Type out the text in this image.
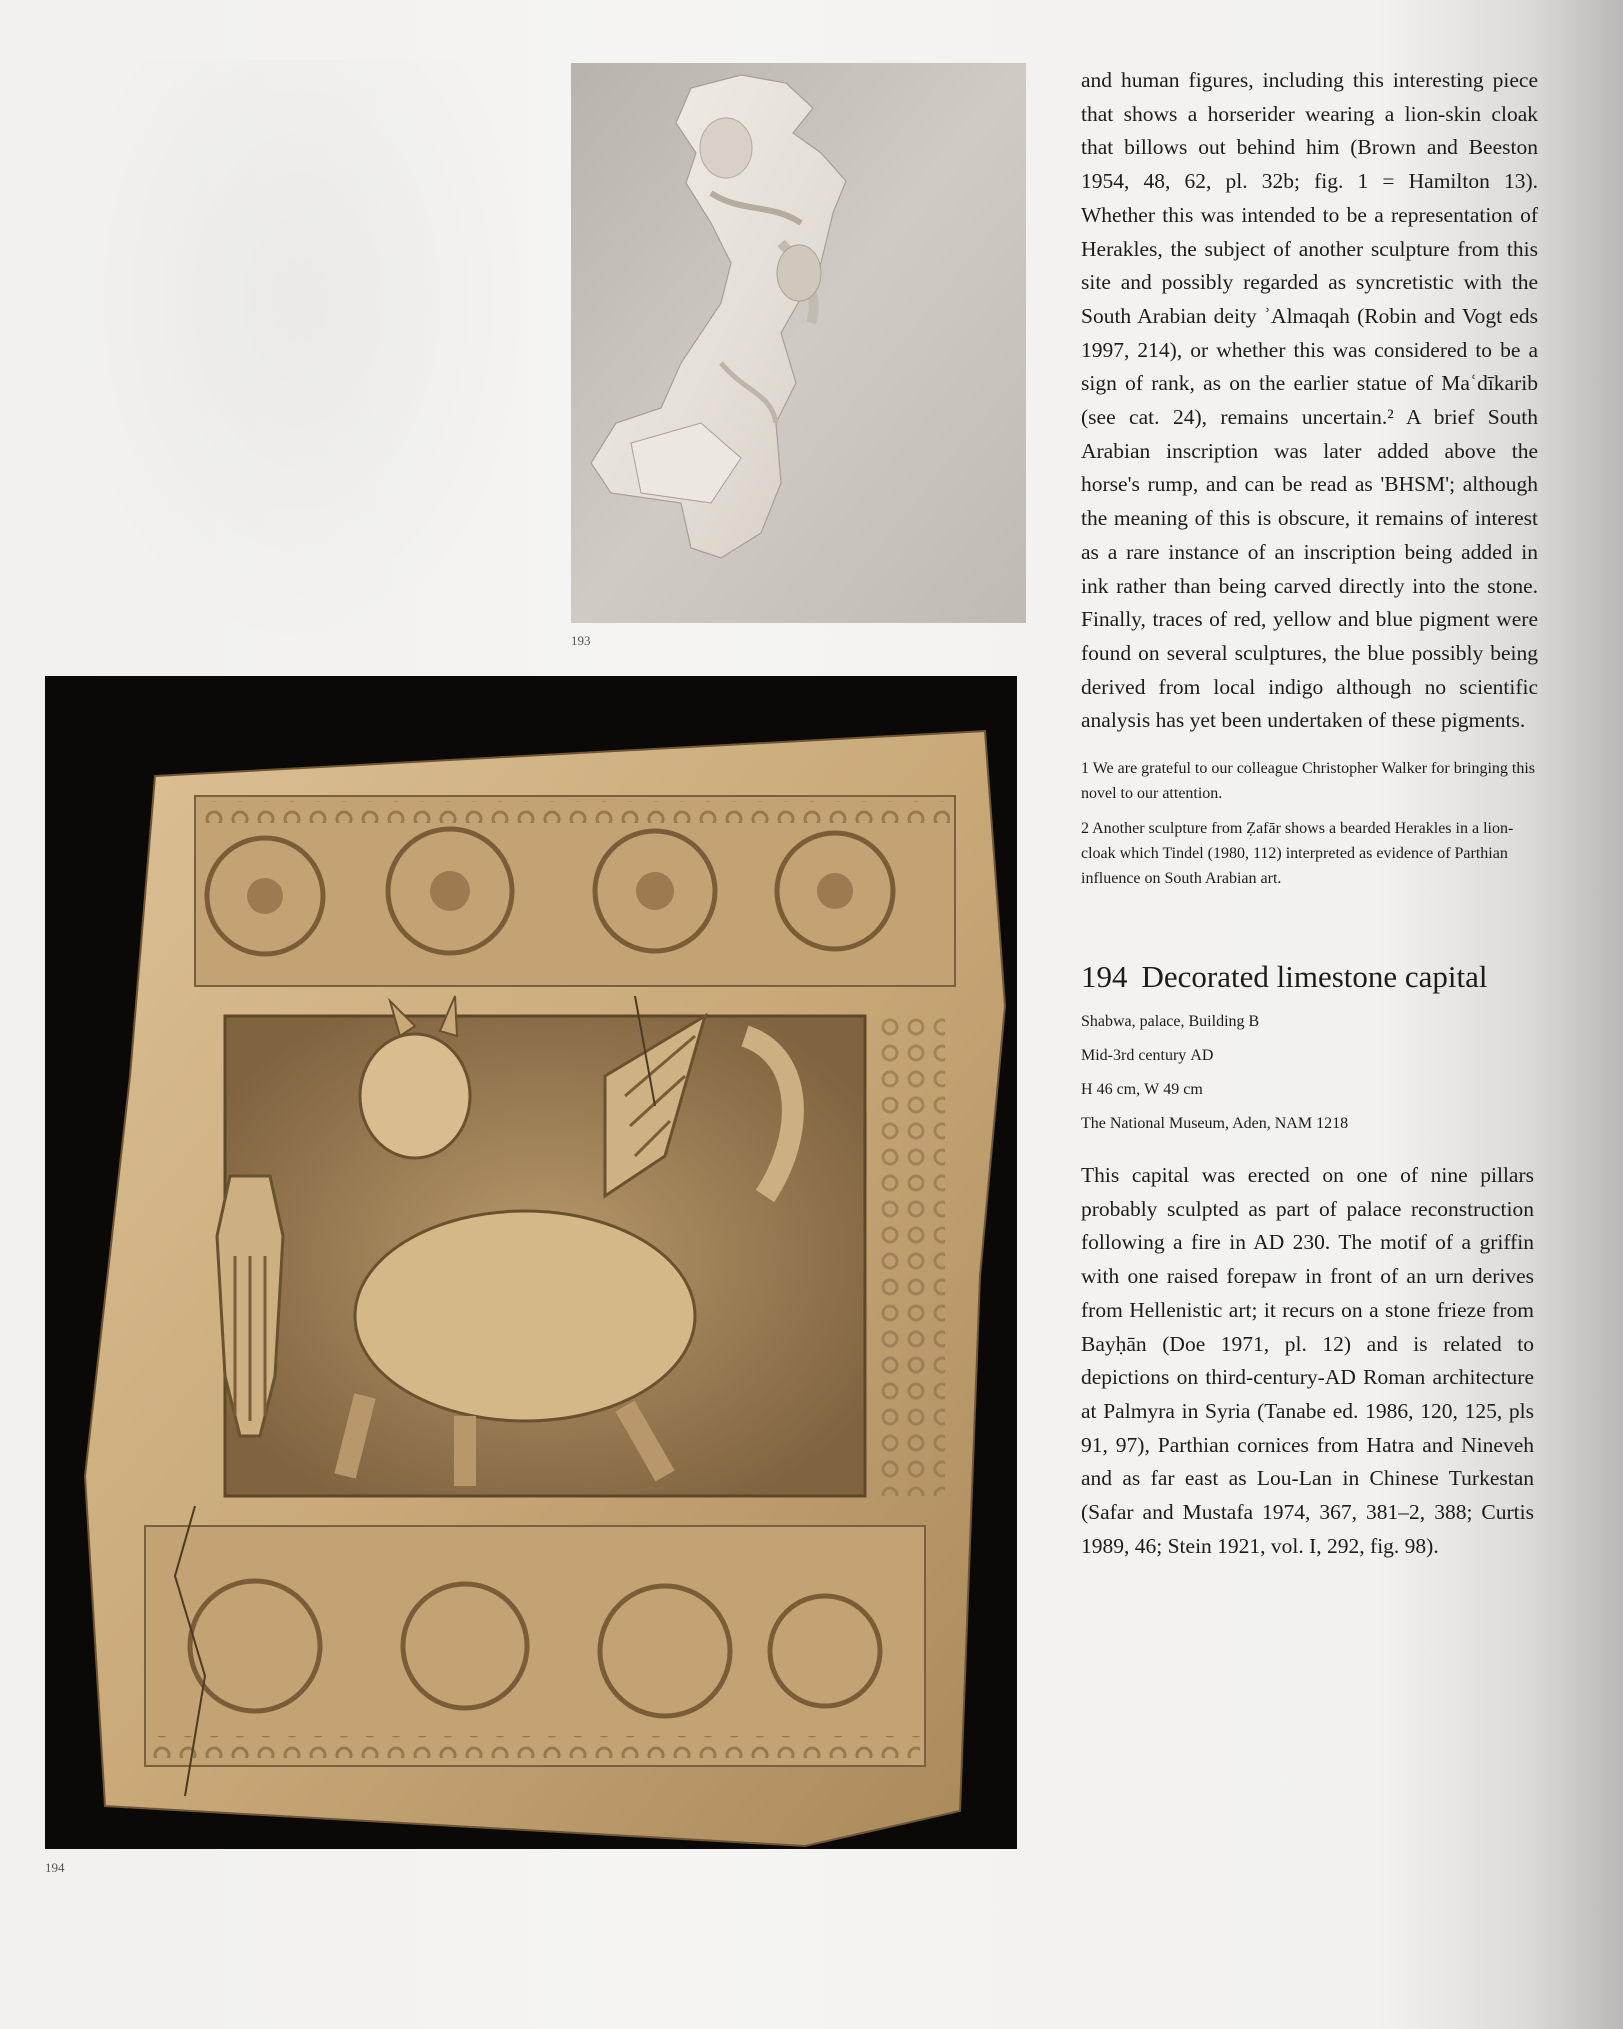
193
194

and human figures, including this interesting piece that shows a horserider wearing a lion-skin cloak that billows out behind him (Brown and Beeston 1954, 48, 62, pl. 32b; fig. 1 = Hamilton 13). Whether this was intended to be a representation of Herakles, the subject of another sculpture from this site and possibly regarded as syncretistic with the South Arabian deity ʾAlmaqah (Robin and Vogt eds 1997, 214), or whether this was considered to be a sign of rank, as on the earlier statue of Maʿdīkarib (see cat. 24), remains uncertain.² A brief South Arabian inscription was later added above the horse's rump, and can be read as 'BHSM'; although the meaning of this is obscure, it remains of interest as a rare instance of an inscription being added in ink rather than being carved directly into the stone. Finally, traces of red, yellow and blue pigment were found on several sculptures, the blue possibly being derived from local indigo although no scientific analysis has yet been undertaken of these pigments.

1 We are grateful to our colleague Christopher Walker for bringing this novel to our attention.

2 Another sculpture from Ẓafār shows a bearded Herakles in a lion-cloak which Tindel (1980, 112) interpreted as evidence of Parthian influence on South Arabian art.

194 Decorated limestone capital

Shabwa, palace, Building B

Mid-3rd century AD

H 46 cm, W 49 cm

The National Museum, Aden, NAM 1218

This capital was erected on one of nine pillars probably sculpted as part of palace reconstruction following a fire in AD 230. The motif of a griffin with one raised forepaw in front of an urn derives from Hellenistic art; it recurs on a stone frieze from Bayḥān (Doe 1971, pl. 12) and is related to depictions on third-century-AD Roman architecture at Palmyra in Syria (Tanabe ed. 1986, 120, 125, pls 91, 97), Parthian cornices from Hatra and Nineveh and as far east as Lou-Lan in Chinese Turkestan (Safar and Mustafa 1974, 367, 381–2, 388; Curtis 1989, 46; Stein 1921, vol. I, 292, fig. 98).
